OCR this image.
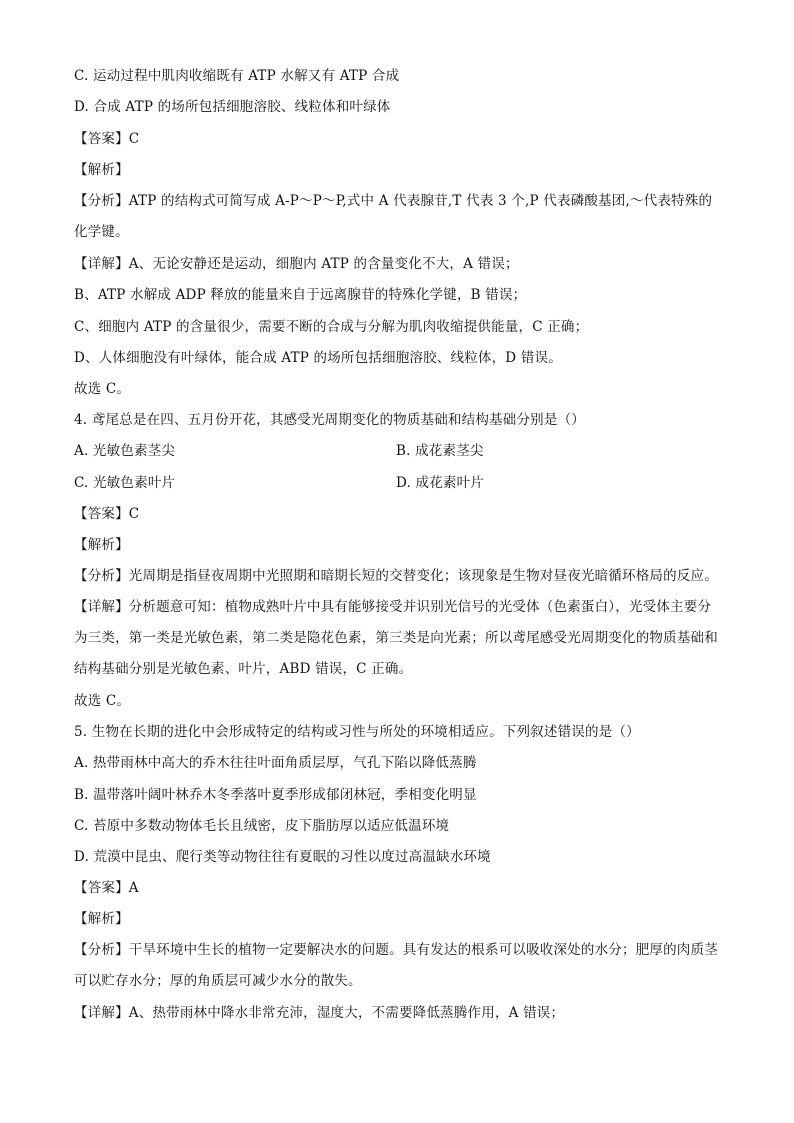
C. 运动过程中肌肉收缩既有 ATP 水解又有 ATP 合成
D. 合成 ATP 的场所包括细胞溶胶、线粒体和叶绿体
【答案】C
【解析】
【分析】ATP 的结构式可简写成 A-P～P～P,式中 A 代表腺苷,T 代表 3 个,P 代表磷酸基团,～代表特殊的化学键。
【详解】A、无论安静还是运动，细胞内 ATP 的含量变化不大，A 错误；
B、ATP 水解成 ADP 释放的能量来自于远离腺苷的特殊化学键，B 错误；
C、细胞内 ATP 的含量很少，需要不断的合成与分解为肌肉收缩提供能量，C 正确；
D、人体细胞没有叶绿体，能合成 ATP 的场所包括细胞溶胶、线粒体，D 错误。
故选 C。
4. 鸢尾总是在四、五月份开花，其感受光周期变化的物质基础和结构基础分别是（）
A. 光敏色素茎尖	B. 成花素茎尖
C. 光敏色素叶片	D. 成花素叶片
【答案】C
【解析】
【分析】光周期是指昼夜周期中光照期和暗期长短的交替变化；该现象是生物对昼夜光暗循环格局的反应。
【详解】分析题意可知：植物成熟叶片中具有能够接受并识别光信号的光受体（色素蛋白），光受体主要分为三类，第一类是光敏色素，第二类是隐花色素，第三类是向光素；所以鸢尾感受光周期变化的物质基础和结构基础分别是光敏色素、叶片，ABD 错误，C 正确。
故选 C。
5. 生物在长期的进化中会形成特定的结构或习性与所处的环境相适应。下列叙述错误的是（）
A. 热带雨林中高大的乔木往往叶面角质层厚，气孔下陷以降低蒸腾
B. 温带落叶阔叶林乔木冬季落叶夏季形成郁闭林冠，季相变化明显
C. 苔原中多数动物体毛长且绒密，皮下脂肪厚以适应低温环境
D. 荒漠中昆虫、爬行类等动物往往有夏眠的习性以度过高温缺水环境
【答案】A
【解析】
【分析】干旱环境中生长的植物一定要解决水的问题。具有发达的根系可以吸收深处的水分；肥厚的肉质茎可以贮存水分；厚的角质层可减少水分的散失。
【详解】A、热带雨林中降水非常充沛，湿度大，不需要降低蒸腾作用，A 错误；
